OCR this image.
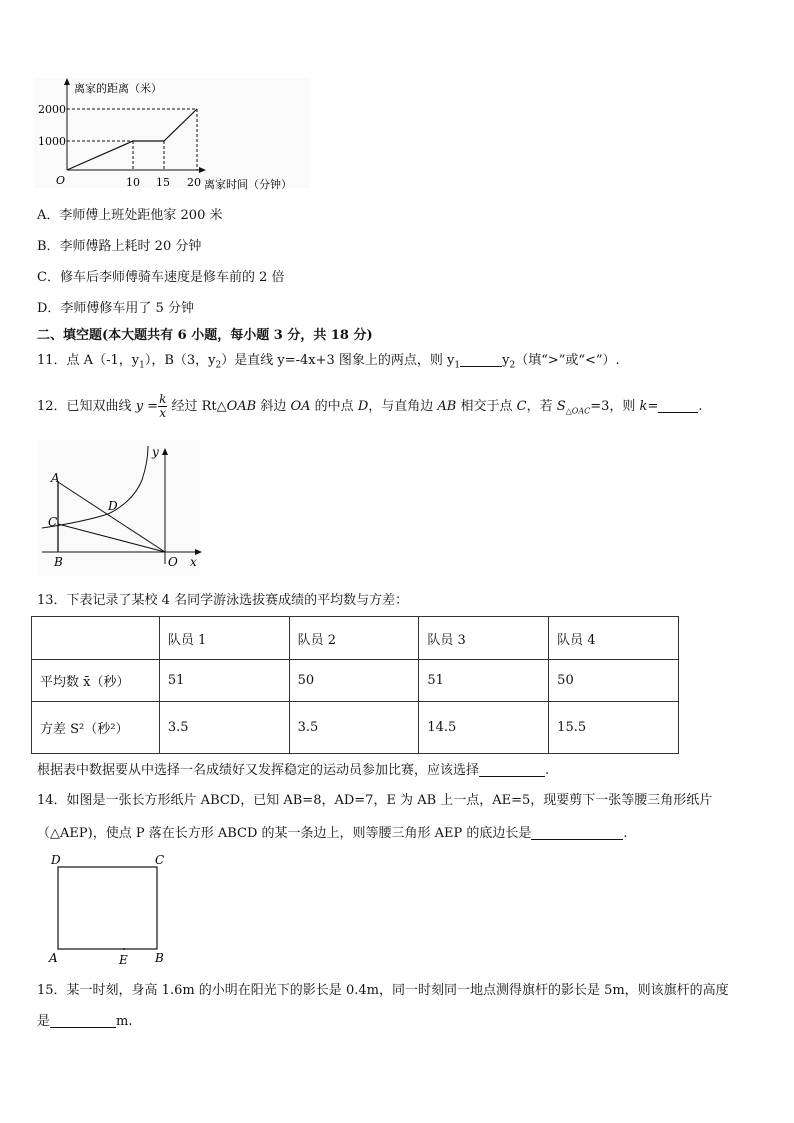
离家的距离（米）
2000
1000
O	10 15 20 离家时间（分钟）
A．李师傅上班处距他家 200 米
B．李师傅路上耗时 20 分钟
C．修车后李师傅骑车速度是修车前的 2 倍
D．李师傅修车用了 5 分钟
二、填空题(本大题共有 6 小题，每小题 3 分，共 18 分)
11．点 A（-1，$y_1$），B（3，$y_2$）是直线 y=-4x+3 图象上的两点，则 $y_1$	$y_2$（填“>”或“<”）.
12．已知双曲线 $y = \frac{k}{x}$ 经过 Rt△OAB 斜边 OA 的中点 D，与直角边 AB 相交于点 C，若 $S_{\triangle OAC}=3$，则 k=	.
y
A
C
D
B	O x
13．下表记录了某校 4 名同学游泳选拔赛成绩的平均数与方差：
	队员 1	队员 2	队员 3	队员 4
平均数 x̄（秒）	51	50	51	50
方差 S²（秒²）	3.5	3.5	14.5	15.5
根据表中数据要从中选择一名成绩好又发挥稳定的运动员参加比赛，应该选择	.
14．如图是一张长方形纸片 ABCD，已知 AB=8，AD=7，E 为 AB 上一点，AE=5，现要剪下一张等腰三角形纸片
（△AEP)，使点 P 落在长方形 ABCD 的某一条边上，则等腰三角形 AEP 的底边长是	.
D	C
A	E B
15．某一时刻，身高 1.6m 的小明在阳光下的影长是 0.4m，同一时刻同一地点测得旗杆的影长是 5m，则该旗杆的高度
是	m.
